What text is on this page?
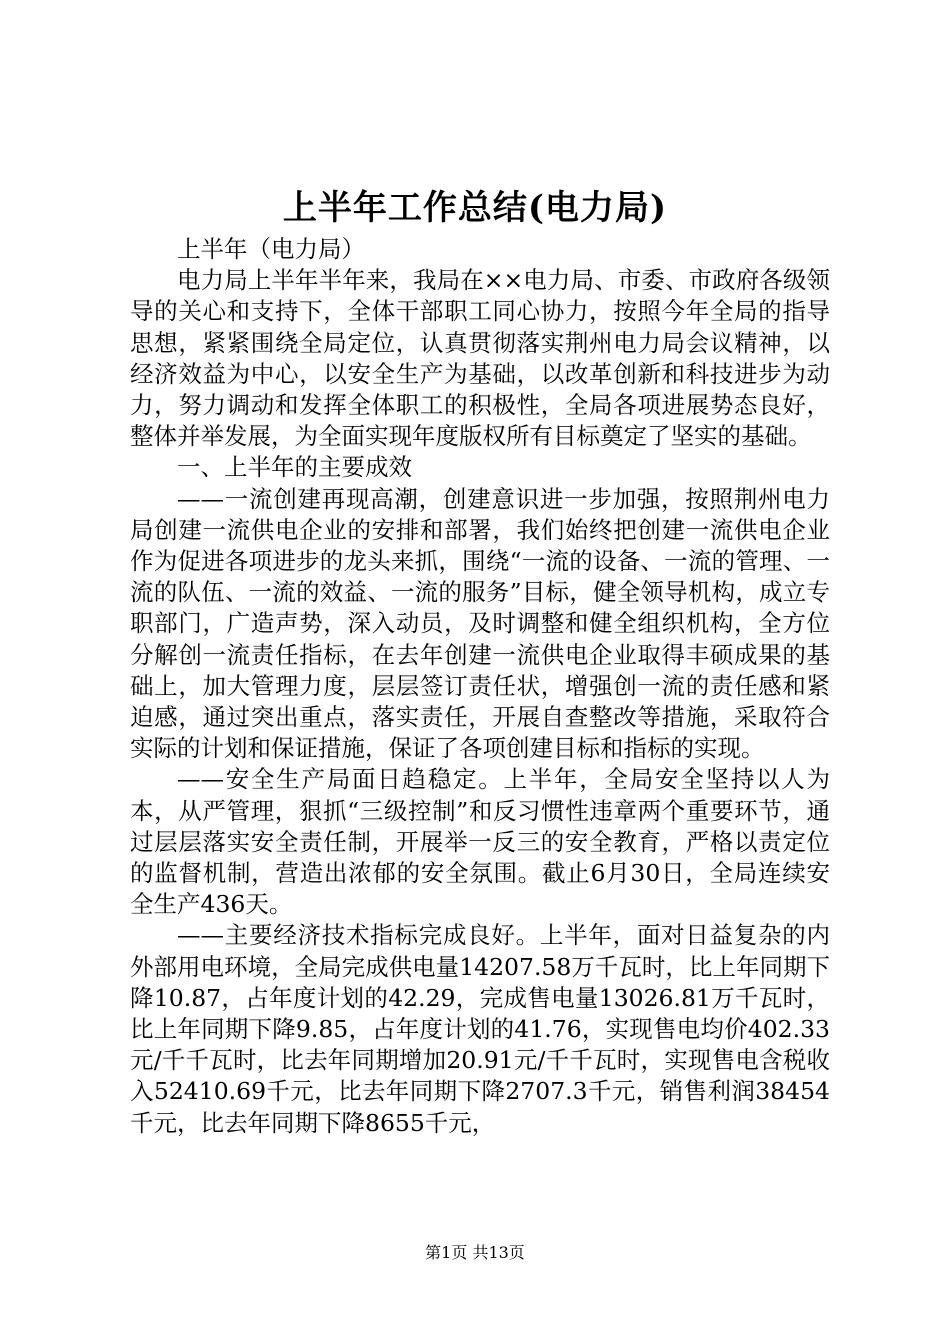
上半年工作总结(电力局)

上半年（电力局）

电力局上半年半年来，我局在××电力局、市委、市政府各级领导的关心和支持下，全体干部职工同心协力，按照今年全局的指导思想，紧紧围绕全局定位，认真贯彻落实荆州电力局会议精神，以经济效益为中心，以安全生产为基础，以改革创新和科技进步为动力，努力调动和发挥全体职工的积极性，全局各项进展势态良好，整体并举发展，为全面实现年度版权所有目标奠定了坚实的基础。

一、上半年的主要成效

——一流创建再现高潮，创建意识进一步加强，按照荆州电力局创建一流供电企业的安排和部署，我们始终把创建一流供电企业作为促进各项进步的龙头来抓，围绕“一流的设备、一流的管理、一流的队伍、一流的效益、一流的服务”目标，健全领导机构，成立专职部门，广造声势，深入动员，及时调整和健全组织机构，全方位分解创一流责任指标，在去年创建一流供电企业取得丰硕成果的基础上，加大管理力度，层层签订责任状，增强创一流的责任感和紧迫感，通过突出重点，落实责任，开展自查整改等措施，采取符合实际的计划和保证措施，保证了各项创建目标和指标的实现。

——安全生产局面日趋稳定。上半年，全局安全坚持以人为本，从严管理，狠抓“三级控制”和反习惯性违章两个重要环节，通过层层落实安全责任制，开展举一反三的安全教育，严格以责定位的监督机制，营造出浓郁的安全氛围。截止6月30日，全局连续安全生产436天。

——主要经济技术指标完成良好。上半年，面对日益复杂的内外部用电环境，全局完成供电量14207.58万千瓦时，比上年同期下降10.87，占年度计划的42.29，完成售电量13026.81万千瓦时，比上年同期下降9.85，占年度计划的41.76，实现售电均价402.33元/千千瓦时，比去年同期增加20.91元/千千瓦时，实现售电含税收入52410.69千元，比去年同期下降2707.3千元，销售利润38454千元，比去年同期下降8655千元，

第1页 共13页
